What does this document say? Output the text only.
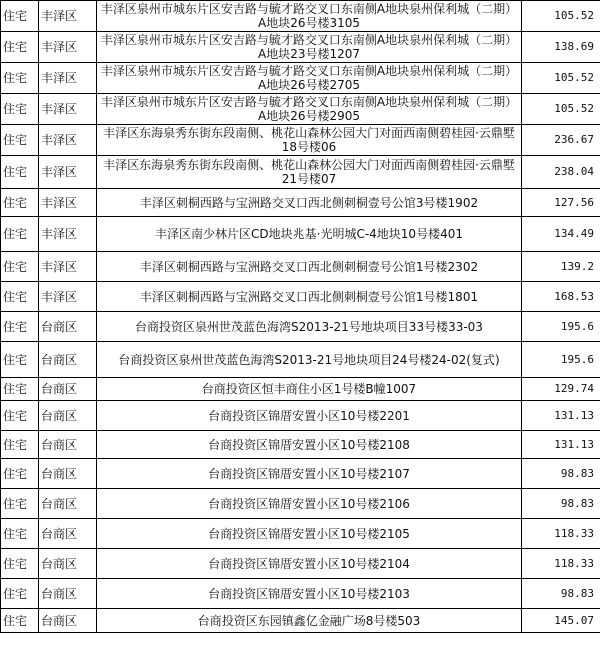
住宅	丰泽区	丰泽区泉州市城东片区安吉路与毓才路交叉口东南侧A地块泉州保利城（二期）A地块26号楼3105	105.52
住宅	丰泽区	丰泽区泉州市城东片区安吉路与毓才路交叉口东南侧A地块泉州保利城（二期）A地块23号楼1207	138.69
住宅	丰泽区	丰泽区泉州市城东片区安吉路与毓才路交叉口东南侧A地块泉州保利城（二期）A地块26号楼2705	105.52
住宅	丰泽区	丰泽区泉州市城东片区安吉路与毓才路交叉口东南侧A地块泉州保利城（二期）A地块26号楼2905	105.52
住宅	丰泽区	丰泽区东海泉秀东街东段南侧、桃花山森林公园大门对面西南侧碧桂园·云鼎墅18号楼06	236.67
住宅	丰泽区	丰泽区东海泉秀东街东段南侧、桃花山森林公园大门对面西南侧碧桂园·云鼎墅21号楼07	238.04
住宅	丰泽区	丰泽区刺桐西路与宝洲路交叉口西北侧刺桐壹号公馆3号楼1902	127.56
住宅	丰泽区	丰泽区南少林片区CD地块兆基·光明城C-4地块10号楼401	134.49
住宅	丰泽区	丰泽区刺桐西路与宝洲路交叉口西北侧刺桐壹号公馆1号楼2302	139.2
住宅	丰泽区	丰泽区刺桐西路与宝洲路交叉口西北侧刺桐壹号公馆1号楼1801	168.53
住宅	台商区	台商投资区泉州世茂蓝色海湾S2013-21号地块项目33号楼33-03	195.6
住宅	台商区	台商投资区泉州世茂蓝色海湾S2013-21号地块项目24号楼24-02(复式)	195.6
住宅	台商区	台商投资区恒丰商住小区1号楼B幢1007	129.74
住宅	台商区	台商投资区锦厝安置小区10号楼2201	131.13
住宅	台商区	台商投资区锦厝安置小区10号楼2108	131.13
住宅	台商区	台商投资区锦厝安置小区10号楼2107	98.83
住宅	台商区	台商投资区锦厝安置小区10号楼2106	98.83
住宅	台商区	台商投资区锦厝安置小区10号楼2105	118.33
住宅	台商区	台商投资区锦厝安置小区10号楼2104	118.33
住宅	台商区	台商投资区锦厝安置小区10号楼2103	98.83
住宅	台商区	台商投资区东园镇鑫亿金融广场8号楼503	145.07
